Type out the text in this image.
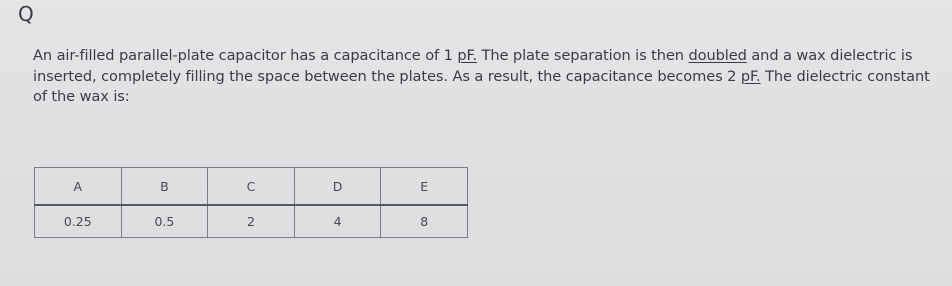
Q
An air-filled parallel-plate capacitor has a capacitance of 1 pF. The plate separation is then doubled and a wax dielectric is inserted, completely filling the space between the plates. As a result, the capacitance becomes 2 pF. The dielectric constant of the wax is:
A	B	C	D	E
0.25	0.5	2	4	8
